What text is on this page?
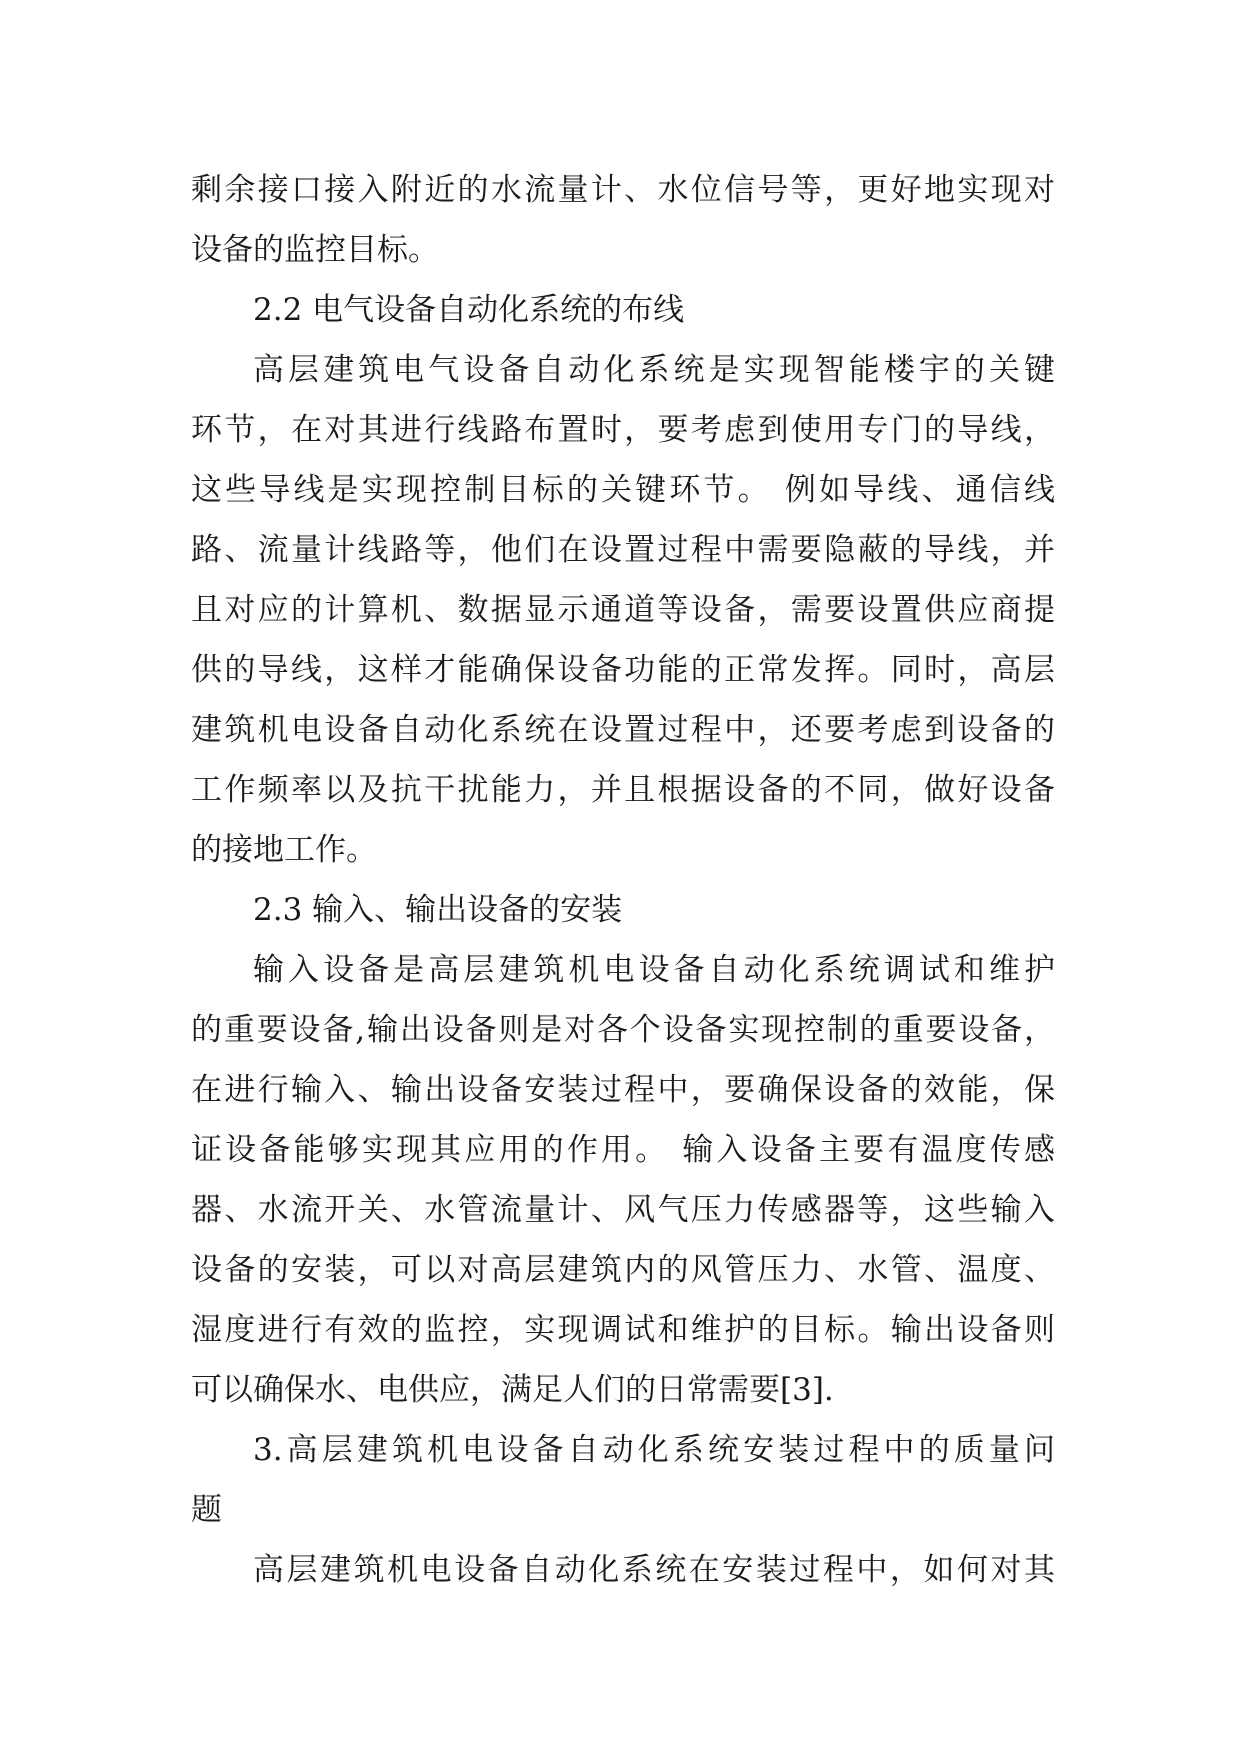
剩余接口接入附近的水流量计、水位信号等，更好地实现对
设备的监控目标。
2.2 电气设备自动化系统的布线
高层建筑电气设备自动化系统是实现智能楼宇的关键
环节，在对其进行线路布置时，要考虑到使用专门的导线，
这些导线是实现控制目标的关键环节。 例如导线、通信线
路、流量计线路等，他们在设置过程中需要隐蔽的导线，并
且对应的计算机、数据显示通道等设备，需要设置供应商提
供的导线，这样才能确保设备功能的正常发挥。同时，高层
建筑机电设备自动化系统在设置过程中，还要考虑到设备的
工作频率以及抗干扰能力，并且根据设备的不同，做好设备
的接地工作。
2.3 输入、输出设备的安装
输入设备是高层建筑机电设备自动化系统调试和维护
的重要设备,输出设备则是对各个设备实现控制的重要设备，
在进行输入、输出设备安装过程中，要确保设备的效能，保
证设备能够实现其应用的作用。 输入设备主要有温度传感
器、水流开关、水管流量计、风气压力传感器等，这些输入
设备的安装，可以对高层建筑内的风管压力、水管、温度、
湿度进行有效的监控，实现调试和维护的目标。输出设备则
可以确保水、电供应，满足人们的日常需要[3].
3.高层建筑机电设备自动化系统安装过程中的质量问
题
高层建筑机电设备自动化系统在安装过程中，如何对其
